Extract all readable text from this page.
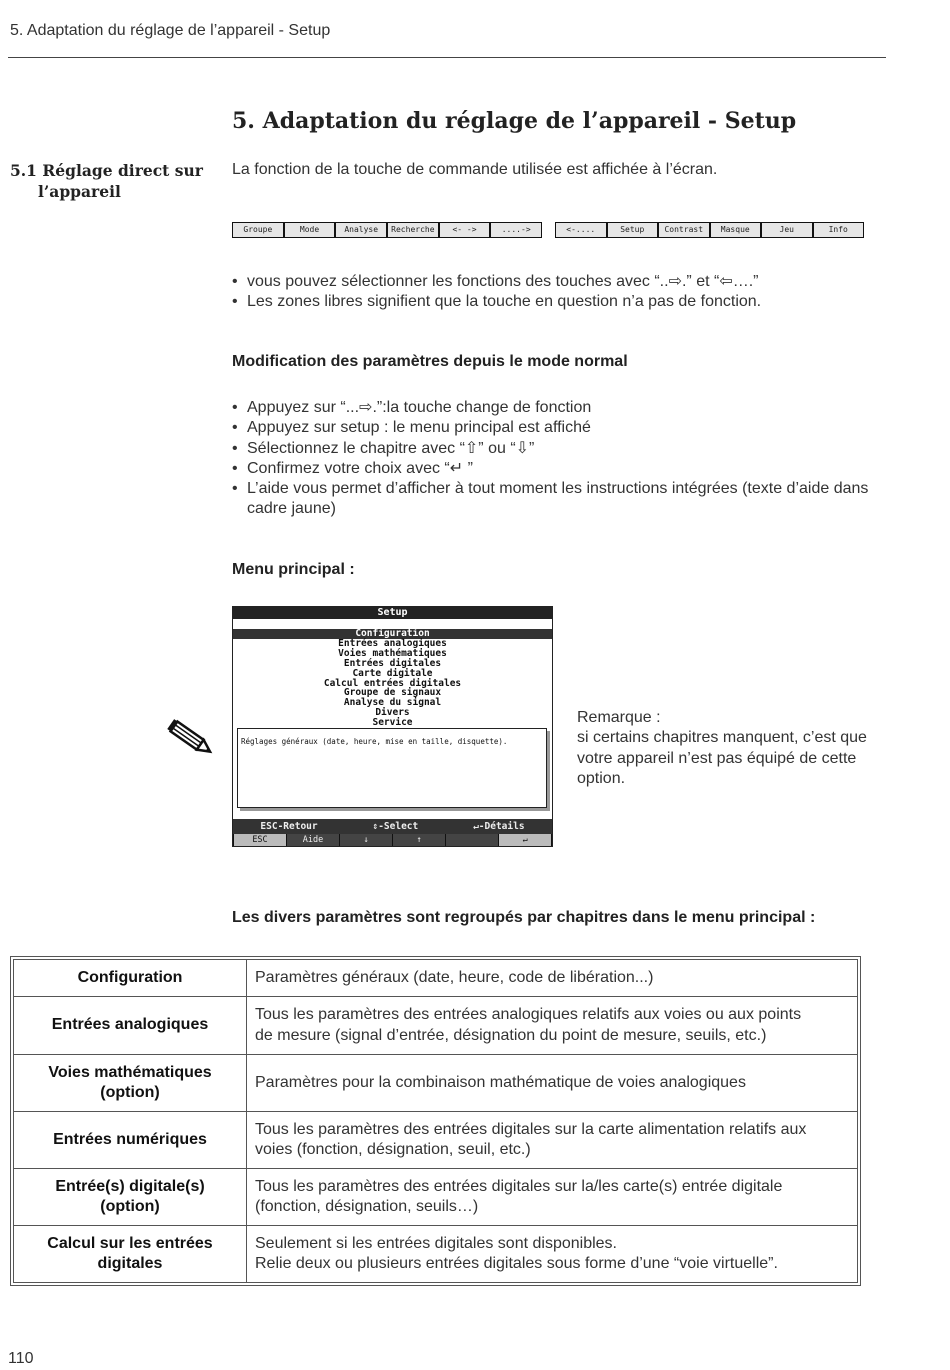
5. Adaptation du réglage de l’appareil - Setup
5. Adaptation du réglage de l’appareil - Setup
5.1 Réglage direct sur
l’appareil
La fonction de la touche de commande utilisée est affichée à l’écran.
Groupe	Mode	Analyse	Recherche	<- ->	....->	<-....	Setup	Contrast	Masque	Jeu	Info
• vous pouvez sélectionner les fonctions des touches avec “..⇨.” et “⇦….”
• Les zones libres signifient que la touche en question n’a pas de fonction.
Modification des paramètres depuis le mode normal
• Appuyez sur “...⇨.”:la touche change de fonction
• Appuyez sur setup : le menu principal est affiché
• Sélectionnez le chapitre avec “⇧” ou “⇩”
• Confirmez votre choix avec “↵ ”
• L’aide vous permet d’afficher à tout moment les instructions intégrées (texte d’aide dans cadre jaune)
Menu principal :
Setup
Configuration
Entrées analogiques
Voies mathématiques
Entrées digitales
Carte digitale
Calcul entrées digitales
Groupe de signaux
Analyse du signal
Divers
Service
Réglages généraux (date, heure, mise en taille, disquette).
ESC-Retour	⇕-Select	↵-Détails
ESC	Aide	↓	↑	↵
Remarque :
si certains chapitres manquent, c’est que votre appareil n’est pas équipé de cette option.
Les divers paramètres sont regroupés par chapitres dans le menu principal :
Configuration	Paramètres généraux (date, heure, code de libération...)
Entrées analogiques	Tous les paramètres des entrées analogiques relatifs aux voies ou aux points
de mesure (signal d’entrée, désignation du point de mesure, seuils, etc.)
Voies mathématiques
(option)	Paramètres pour la combinaison mathématique de voies analogiques
Entrées numériques	Tous les paramètres des entrées digitales sur la carte alimentation relatifs aux
voies (fonction, désignation, seuil, etc.)
Entrée(s) digitale(s)
(option)	Tous les paramètres des entrées digitales sur la/les carte(s) entrée digitale
(fonction, désignation, seuils…)
Calcul sur les entrées
digitales	Seulement si les entrées digitales sont disponibles.
Relie deux ou plusieurs entrées digitales sous forme d’une “voie virtuelle”.
110
